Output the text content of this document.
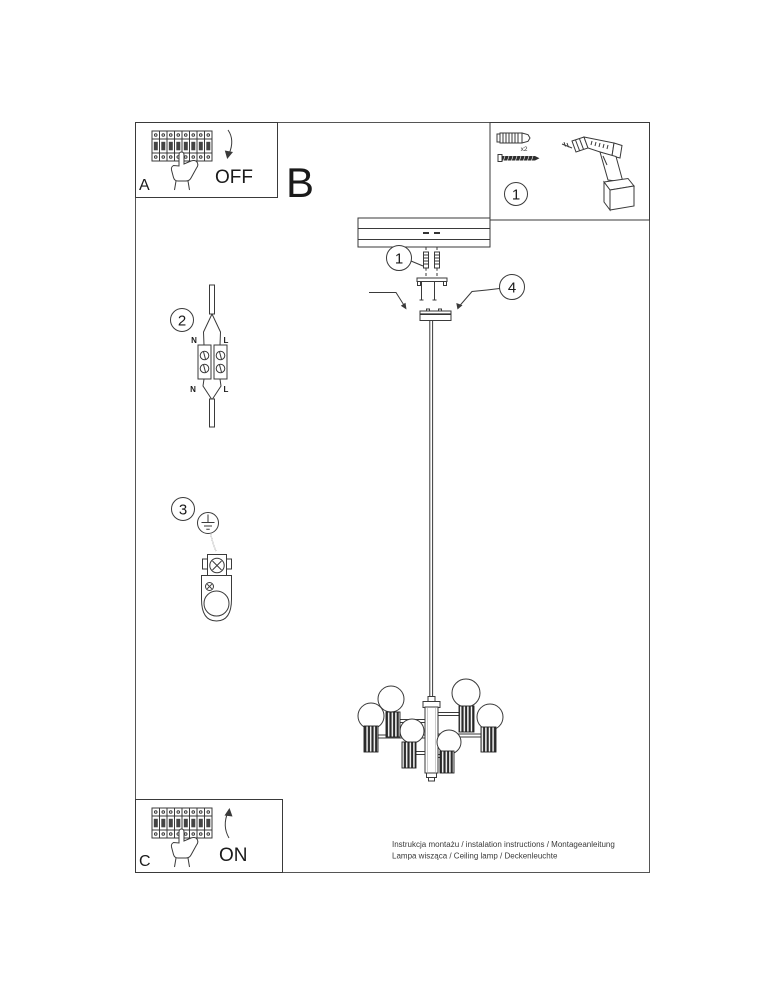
OFF
A	B
x2
1
1
4
2
N	L
N	L
3
ON
C
Instrukcja montażu / instalation instructions / Montageanleitung
Lampa wisząca / Ceiling lamp / Deckenleuchte
